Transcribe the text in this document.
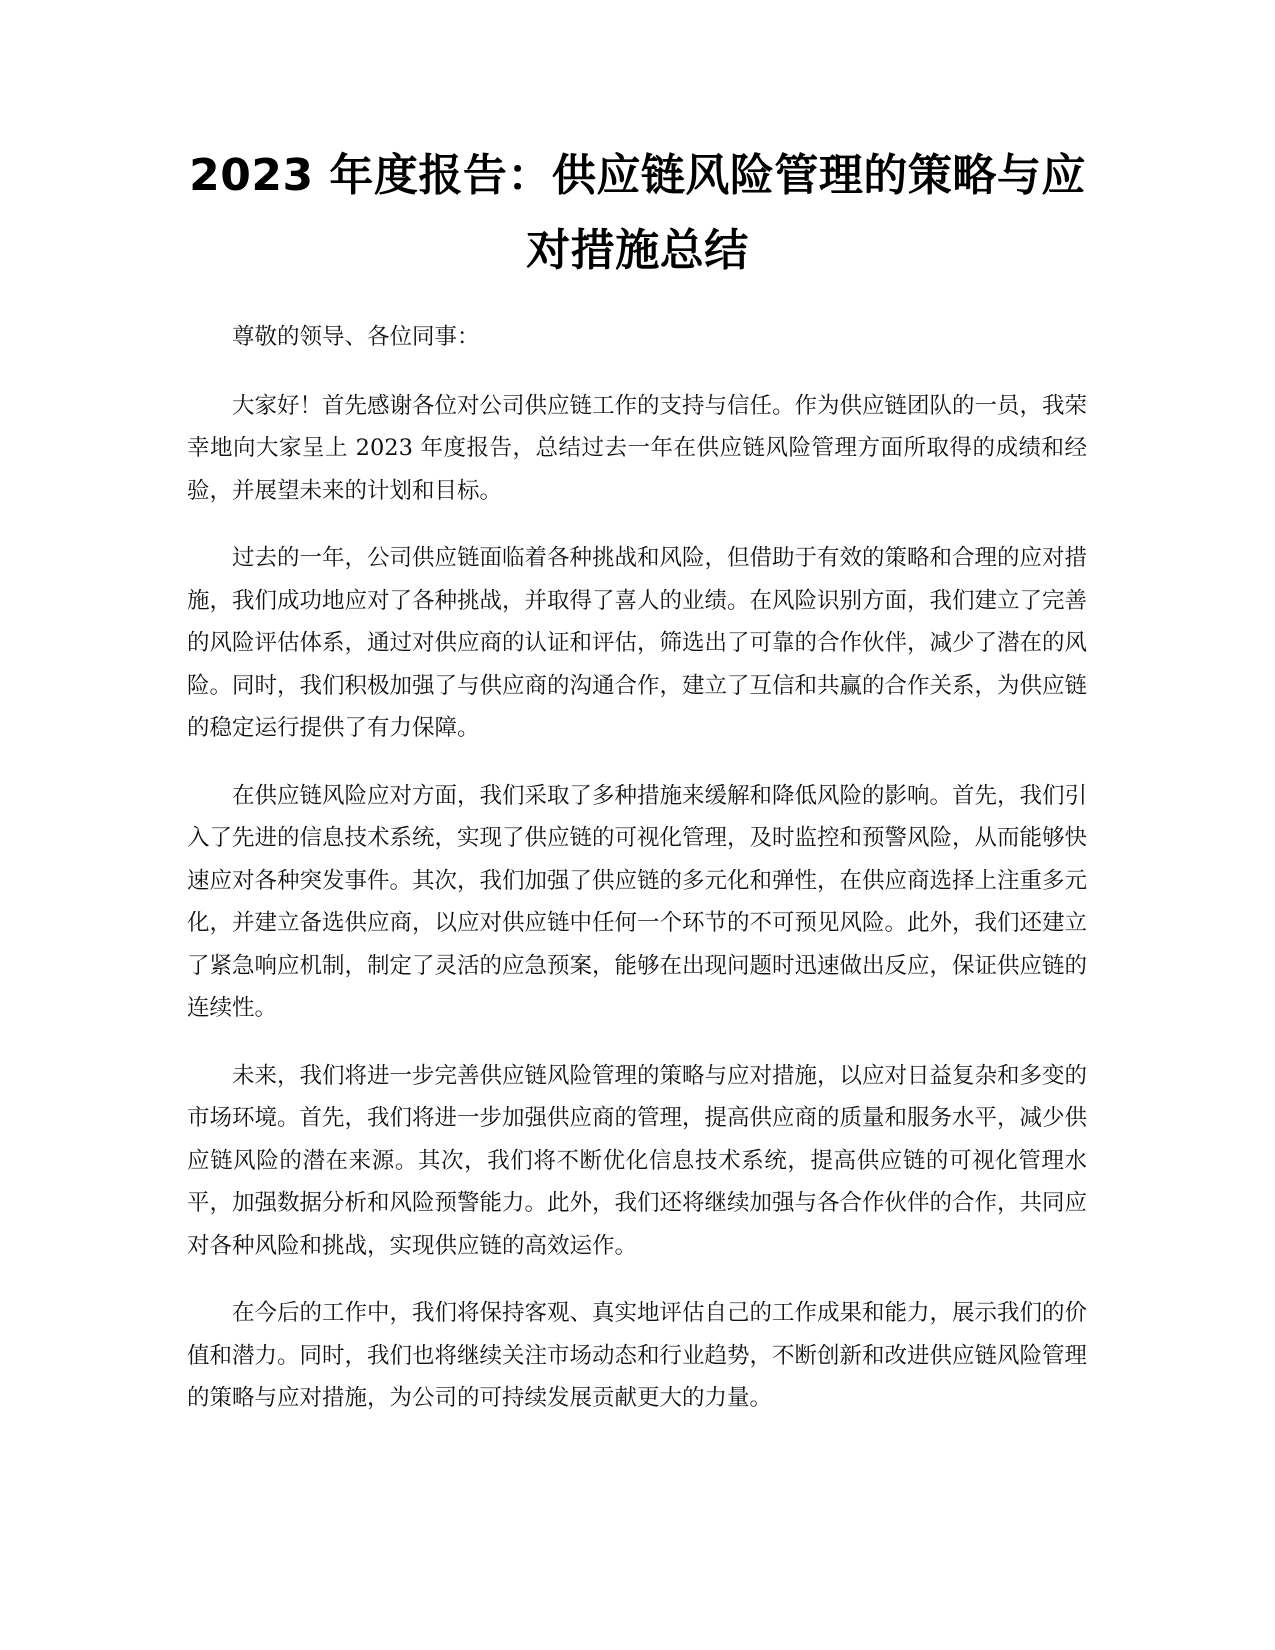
2023 年度报告：供应链风险管理的策略与应对措施总结

尊敬的领导、各位同事：

大家好！首先感谢各位对公司供应链工作的支持与信任。作为供应链团队的一员，我荣幸地向大家呈上 2023 年度报告，总结过去一年在供应链风险管理方面所取得的成绩和经验，并展望未来的计划和目标。

过去的一年，公司供应链面临着各种挑战和风险，但借助于有效的策略和合理的应对措施，我们成功地应对了各种挑战，并取得了喜人的业绩。在风险识别方面，我们建立了完善的风险评估体系，通过对供应商的认证和评估，筛选出了可靠的合作伙伴，减少了潜在的风险。同时，我们积极加强了与供应商的沟通合作，建立了互信和共赢的合作关系，为供应链的稳定运行提供了有力保障。

在供应链风险应对方面，我们采取了多种措施来缓解和降低风险的影响。首先，我们引入了先进的信息技术系统，实现了供应链的可视化管理，及时监控和预警风险，从而能够快速应对各种突发事件。其次，我们加强了供应链的多元化和弹性，在供应商选择上注重多元化，并建立备选供应商，以应对供应链中任何一个环节的不可预见风险。此外，我们还建立了紧急响应机制，制定了灵活的应急预案，能够在出现问题时迅速做出反应，保证供应链的连续性。

未来，我们将进一步完善供应链风险管理的策略与应对措施，以应对日益复杂和多变的市场环境。首先，我们将进一步加强供应商的管理，提高供应商的质量和服务水平，减少供应链风险的潜在来源。其次，我们将不断优化信息技术系统，提高供应链的可视化管理水平，加强数据分析和风险预警能力。此外，我们还将继续加强与各合作伙伴的合作，共同应对各种风险和挑战，实现供应链的高效运作。

在今后的工作中，我们将保持客观、真实地评估自己的工作成果和能力，展示我们的价值和潜力。同时，我们也将继续关注市场动态和行业趋势，不断创新和改进供应链风险管理的策略与应对措施，为公司的可持续发展贡献更大的力量。
